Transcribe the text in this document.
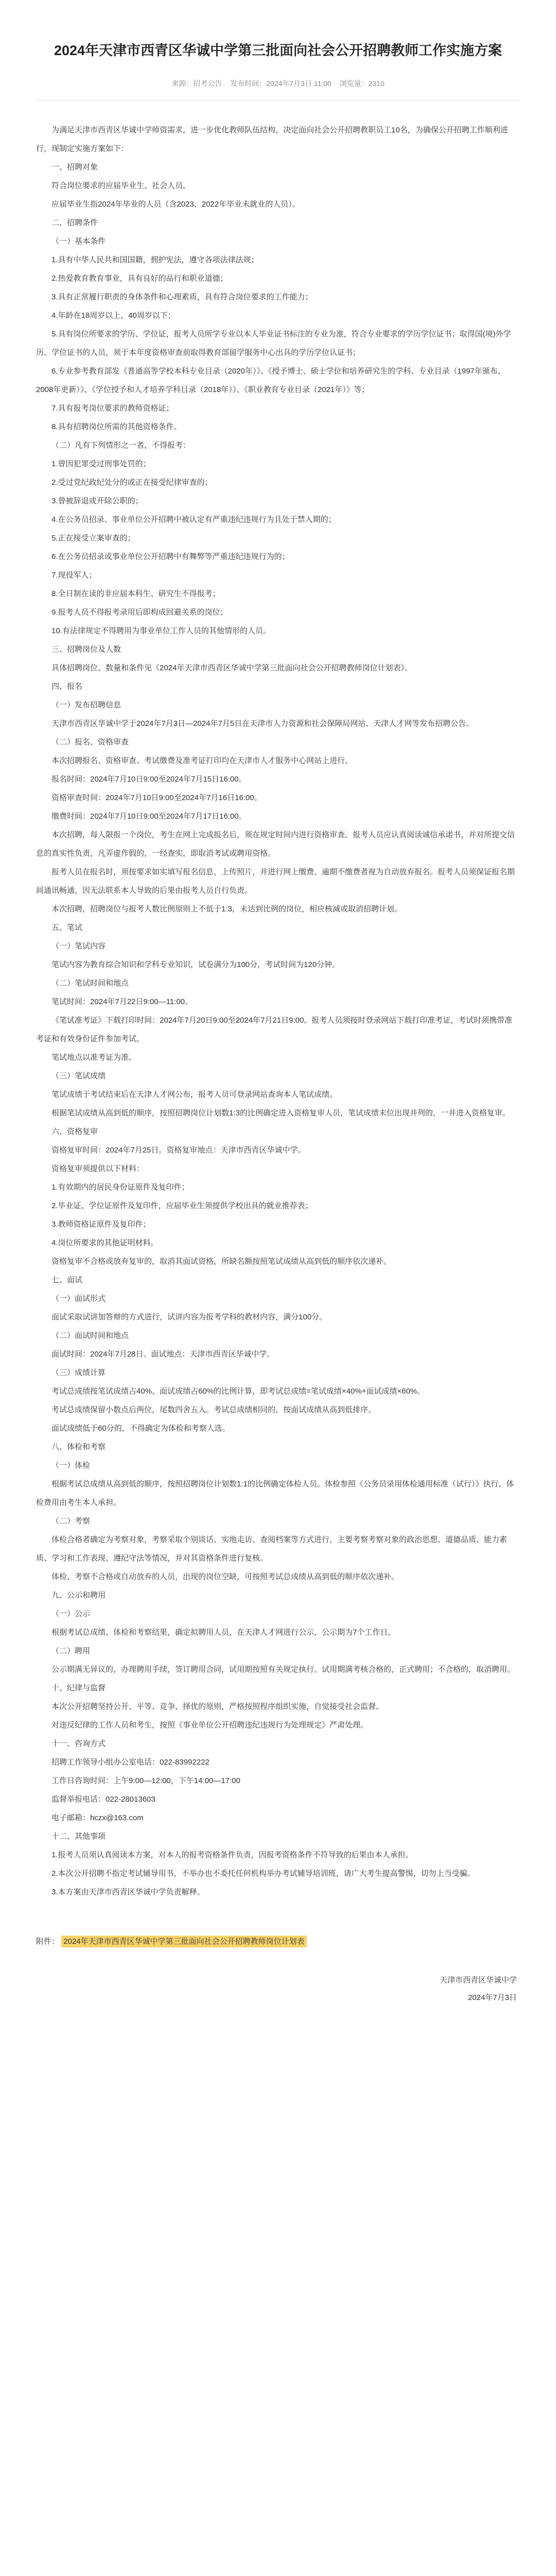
2024年天津市西青区华诚中学第三批面向社会公开招聘教师工作实施方案
来源：招考公告 发布时间：2024年7月3日 11:00 浏览量：2310

为满足天津市西青区华诚中学师资需求，进一步优化教师队伍结构，决定面向社会公开招聘教职员工10名，为确保公开招聘工作顺利进行，现制定实施方案如下：

一、招聘对象

符合岗位要求的应届毕业生、社会人员。

应届毕业生指2024年毕业的人员（含2023、2022年毕业未就业的人员）。

二、招聘条件

（一）基本条件

1.具有中华人民共和国国籍，拥护宪法，遵守各项法律法规；

2.热爱教育教育事业，具有良好的品行和职业道德；

3.具有正常履行职责的身体条件和心理素质，具有符合岗位要求的工作能力；

4.年龄在18周岁以上，40周岁以下；

5.具有岗位所要求的学历、学位证，报考人员所学专业以本人毕业证书标注的专业为准，符合专业要求的学历学位证书；取得国(境)外学历、学位证书的人员，须于本年度资格审查前取得教育部留学服务中心出具的学历学位认证书；

6.专业参考教育部发《普通高等学校本科专业目录（2020年）》、《授予博士、硕士学位和培养研究生的学科、专业目录（1997年颁布、2008年更新）》、《学位授予和人才培养学科目录（2018年）》、《职业教育专业目录（2021年）》等；

7.具有报考岗位要求的教师资格证；

8.具有招聘岗位所需的其他资格条件。

（二）凡有下列情形之一者，不得报考：

1.曾因犯罪受过刑事处罚的；

2.受过党纪政纪处分的或正在接受纪律审查的；

3.曾被辞退或开除公职的；

4.在公务员招录、事业单位公开招聘中被认定有严重违纪违规行为且处于禁入期的；

5.正在接受立案审查的；

6.在公务员招录或事业单位公开招聘中有舞弊等严重违纪违规行为的；

7.现役军人；

8.全日制在读的非应届本科生、研究生不得报考；

9.报考人员不得报考录用后即构成回避关系的岗位；

10.有法律规定不得聘用为事业单位工作人员的其他情形的人员。

三、招聘岗位及人数

具体招聘岗位、数量和条件见《2024年天津市西青区华诚中学第三批面向社会公开招聘教师岗位计划表》。

四、报名

（一）发布招聘信息

天津市西青区华诚中学于2024年7月3日—2024年7月5日在天津市人力资源和社会保障局网站、天津人才网等发布招聘公告。

（二）报名、资格审查

本次招聘报名、资格审查、考试缴费及准考证打印均在天津市人才服务中心网站上进行。

报名时间：2024年7月10日9:00至2024年7月15日16:00。

资格审查时间：2024年7月10日9:00至2024年7月16日16:00。

缴费时间：2024年7月10日9:00至2024年7月17日16:00。

本次招聘，每人限报一个岗位，考生在网上完成报名后，须在规定时间内进行资格审查。报考人员应认真阅读诚信承诺书，并对所提交信息的真实性负责，凡弄虚作假的，一经查实，即取消考试或聘用资格。

报考人员在报名时，须按要求如实填写报名信息，上传照片，并进行网上缴费。逾期不缴费者视为自动放弃报名。报考人员须保证报名期间通讯畅通，因无法联系本人导致的后果由报考人员自行负责。

本次招聘，招聘岗位与报考人数比例原则上不低于1:3，未达到比例的岗位，相应核减或取消招聘计划。

五、笔试

（一）笔试内容

笔试内容为教育综合知识和学科专业知识，试卷满分为100分，考试时间为120分钟。

（二）笔试时间和地点

笔试时间：2024年7月22日9:00—11:00。

《笔试准考证》下载打印时间：2024年7月20日9:00至2024年7月21日9:00。报考人员须按时登录网站下载打印准考证，考试时须携带准考证和有效身份证件参加考试。

笔试地点以准考证为准。

（三）笔试成绩

笔试成绩于考试结束后在天津人才网公布，报考人员可登录网站查询本人笔试成绩。

根据笔试成绩从高到低的顺序，按照招聘岗位计划数1:3的比例确定进入资格复审人员，笔试成绩末位出现并列的，一并进入资格复审。

六、资格复审

资格复审时间：2024年7月25日。资格复审地点：天津市西青区华诚中学。

资格复审须提供以下材料：

1.有效期内的居民身份证原件及复印件；

2.毕业证、学位证原件及复印件，应届毕业生须提供学校出具的就业推荐表；

3.教师资格证原件及复印件；

4.岗位所要求的其他证明材料。

资格复审不合格或放弃复审的，取消其面试资格，所缺名额按照笔试成绩从高到低的顺序依次递补。

七、面试

（一）面试形式

面试采取试讲加答辩的方式进行，试讲内容为报考学科的教材内容，满分100分。

（二）面试时间和地点

面试时间：2024年7月28日。面试地点：天津市西青区华诚中学。

（三）成绩计算

考试总成绩按笔试成绩占40%、面试成绩占60%的比例计算，即考试总成绩=笔试成绩×40%+面试成绩×60%。

考试总成绩保留小数点后两位，尾数四舍五入。考试总成绩相同的，按面试成绩从高到低排序。

面试成绩低于60分的，不得确定为体检和考察人选。

八、体检和考察

（一）体检

根据考试总成绩从高到低的顺序，按照招聘岗位计划数1:1的比例确定体检人员。体检参照《公务员录用体检通用标准（试行）》执行，体检费用由考生本人承担。

（二）考察

体检合格者确定为考察对象，考察采取个别谈话、实地走访、查阅档案等方式进行，主要考察考察对象的政治思想、道德品质、能力素质、学习和工作表现、遵纪守法等情况，并对其资格条件进行复核。

体检、考察不合格或自动放弃的人员，出现的岗位空缺，可按照考试总成绩从高到低的顺序依次递补。

九、公示和聘用

（一）公示

根据考试总成绩、体检和考察结果，确定拟聘用人员，在天津人才网进行公示，公示期为7个工作日。

（二）聘用

公示期满无异议的，办理聘用手续，签订聘用合同，试用期按照有关规定执行。试用期满考核合格的，正式聘用；不合格的，取消聘用。

十、纪律与监督

本次公开招聘坚持公开、平等、竞争、择优的原则，严格按照程序组织实施，自觉接受社会监督。

对违反纪律的工作人员和考生，按照《事业单位公开招聘违纪违规行为处理规定》严肃处理。

十一、咨询方式

招聘工作领导小组办公室电话：022-83992222

工作日咨询时间：上午9:00—12:00，下午14:00—17:00

监督举报电话：022-28013603

电子邮箱：hczx@163.com

十二、其他事项

1.报考人员须认真阅读本方案，对本人的报考资格条件负责，因报考资格条件不符导致的后果由本人承担。

2.本次公开招聘不指定考试辅导用书，不举办也不委托任何机构举办考试辅导培训班，请广大考生提高警惕，切勿上当受骗。

3.本方案由天津市西青区华诚中学负责解释。

附件： 2024年天津市西青区华诚中学第三批面向社会公开招聘教师岗位计划表
天津市西青区华诚中学
2024年7月3日
